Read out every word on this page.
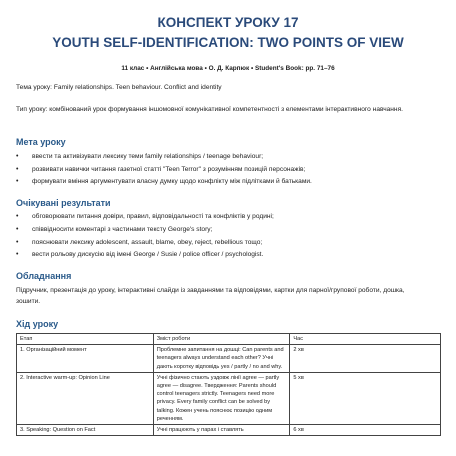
КОНСПЕКТ УРОКУ 17
YOUTH SELF-IDENTIFICATION: TWO POINTS OF VIEW
11 клас • Англійська мова • О. Д. Карпюк • Student's Book: pp. 71–76
Тема уроку: Family relationships. Teen behaviour. Conflict and identity
Тип уроку: комбінований урок формування іншомовної комунікативної компетентності з елементами інтерактивного навчання.
Мета уроку
• ввести та активізувати лексику теми family relationships / teenage behaviour;
• розвивати навички читання газетної статті "Teen Terror" з розумінням позицій персонажів;
• формувати вміння аргументувати власну думку щодо конфлікту між підлітками й батьками.
Очікувані результати
• обговорювати питання довіри, правил, відповідальності та конфліктів у родині;
• співвідносити коментарі з частинами тексту George's story;
• пояснювати лексику adolescent, assault, blame, obey, reject, rebellious тощо;
• вести рольову дискусію від імені George / Susie / police officer / psychologist.
Обладнання
Підручник, презентація до уроку, інтерактивні слайди із завданнями та відповідями, картки для парної/групової роботи, дошка, зошити.
Хід уроку
Етап	Зміст роботи	Час
1. Організаційний момент	Проблемне запитання на дошці: Can parents and teenagers always understand each other? Учні дають коротку відповідь yes / partly / no and why.	2 хв
2. Interactive warm-up: Opinion Line	Учні фізично стають уздовж лінії agree — partly agree — disagree. Твердження: Parents should control teenagers strictly. Teenagers need more privacy. Every family conflict can be solved by talking. Кожен учень пояснює позицію одним реченням.	5 хв
3. Speaking: Question on Fact	Учні працюють у парах і ставлять	6 хв
